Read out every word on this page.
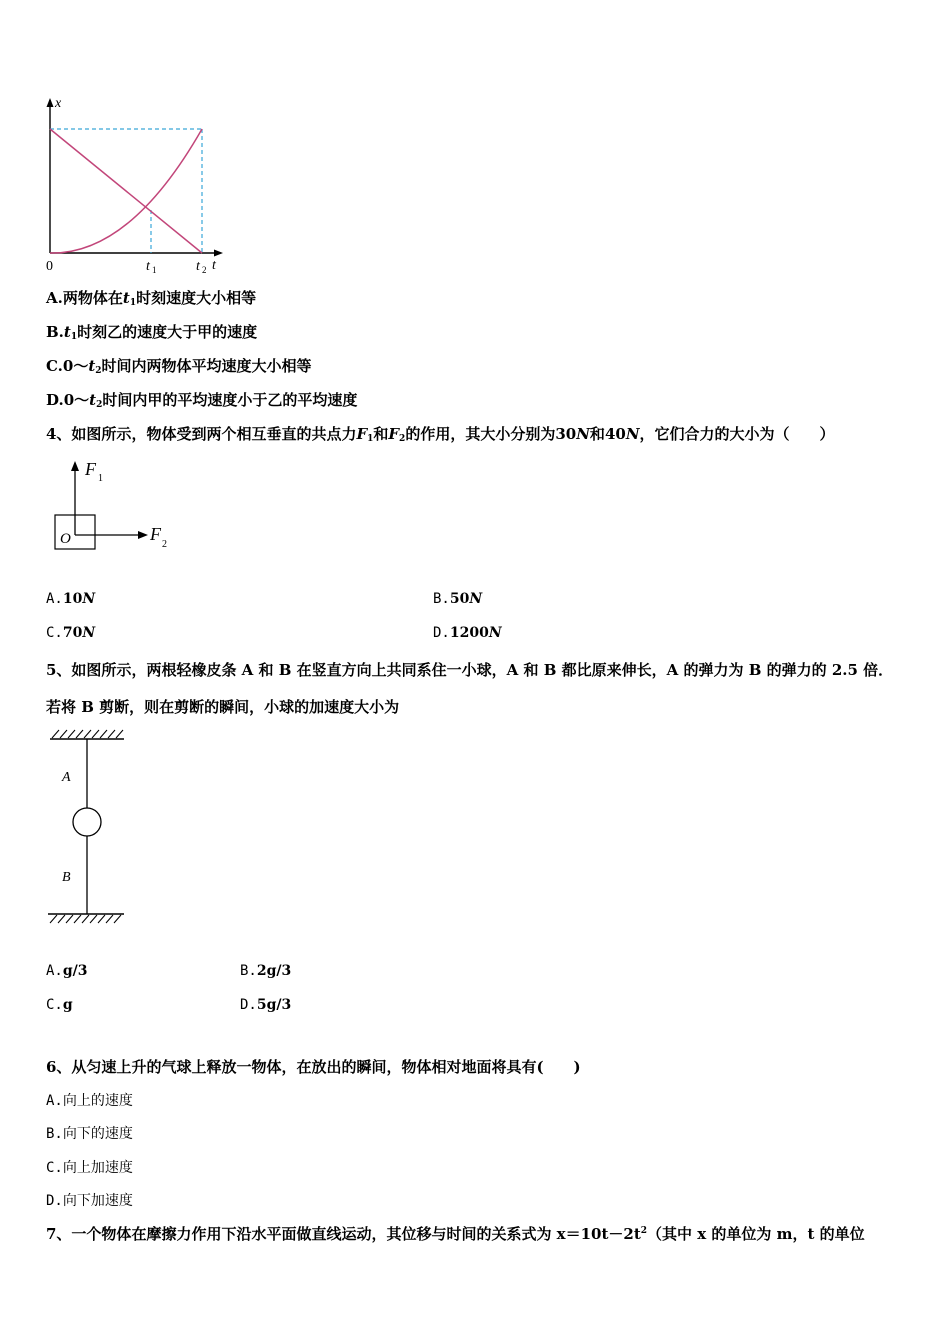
x
t
0	t 1	t 2
A.两物体在$t_1$时刻速度大小相等
$B.t_1$时刻乙的速度大于甲的速度
$C.0\sim t_2$时间内两物体平均速度大小相等
$D.0\sim t_2$时间内甲的平均速度小于乙的平均速度
4、如图所示，物体受到两个相互垂直的共点力$F_1$和$F_2$的作用，其大小分别为30N和40N，它们合力的大小为（　　）
F 1
F
2
O
A.10N	B.50N
C.70N	D.1200N
5、如图所示，两根轻橡皮条 A 和 B 在竖直方向上共同系住一小球，A 和 B 都比原来伸长，A 的弹力为 B 的弹力的 2.5 倍．
若将 B 剪断，则在剪断的瞬间，小球的加速度大小为
A
B
A.g/3	B.2g/3
C.g	D.5g/3
6、从匀速上升的气球上释放一物体，在放出的瞬间，物体相对地面将具有(　　)
A.向上的速度
B.向下的速度
C.向上加速度
D.向下加速度
7、一个物体在摩擦力作用下沿水平面做直线运动，其位移与时间的关系式为 $x=10t-2t^2$（其中 x 的单位为 m，t 的单位
